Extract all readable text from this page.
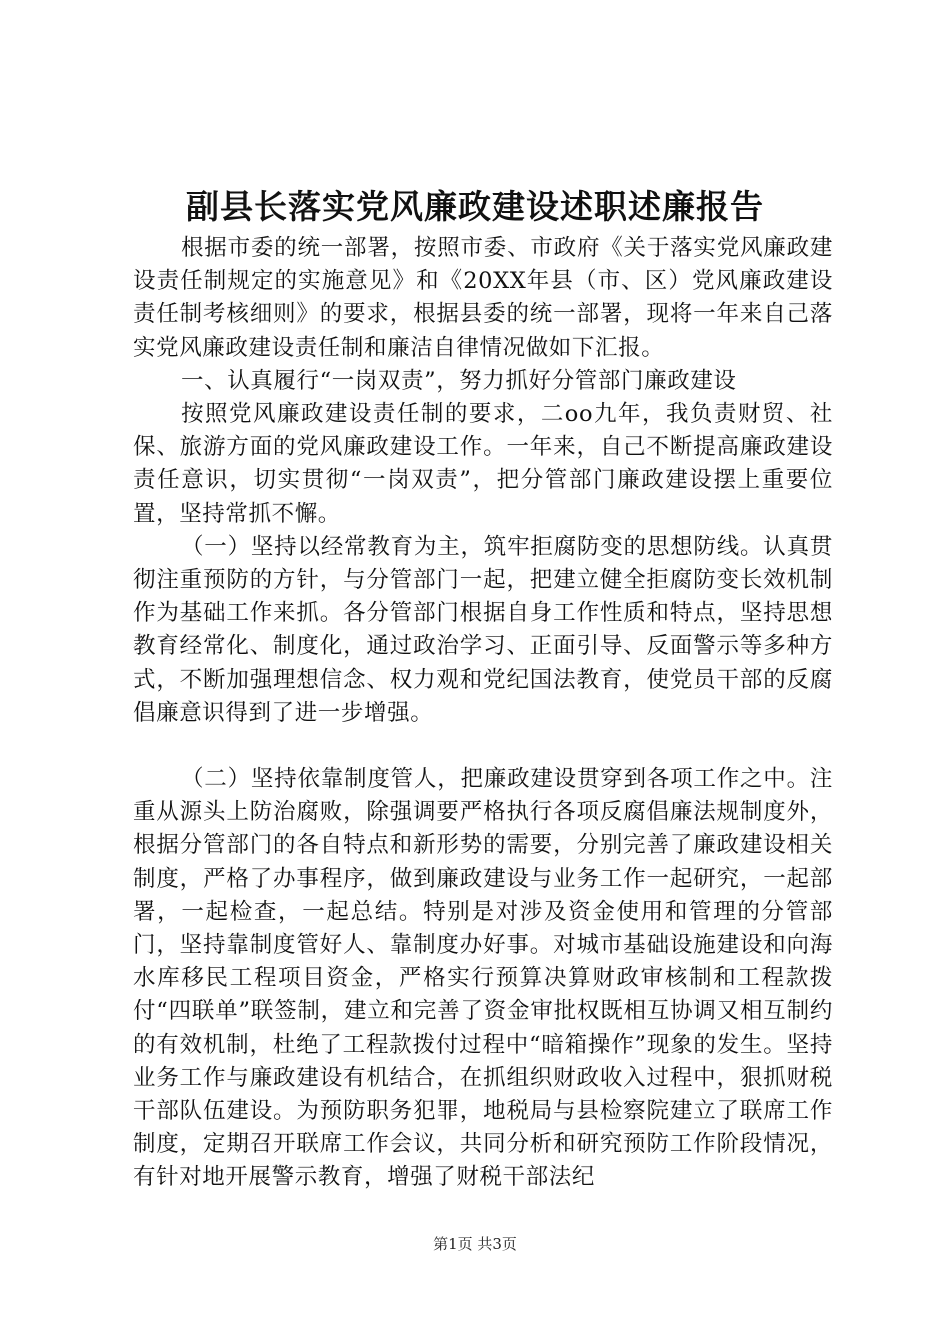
副县长落实党风廉政建设述职述廉报告

根据市委的统一部署，按照市委、市政府《关于落实党风廉政建设责任制规定的实施意见》和《20XX年县（市、区）党风廉政建设责任制考核细则》的要求，根据县委的统一部署，现将一年来自己落实党风廉政建设责任制和廉洁自律情况做如下汇报。

一、认真履行“一岗双责”，努力抓好分管部门廉政建设

按照党风廉政建设责任制的要求，二oo九年，我负责财贸、社保、旅游方面的党风廉政建设工作。一年来，自己不断提高廉政建设责任意识，切实贯彻“一岗双责”，把分管部门廉政建设摆上重要位置，坚持常抓不懈。

（一）坚持以经常教育为主，筑牢拒腐防变的思想防线。认真贯彻注重预防的方针，与分管部门一起，把建立健全拒腐防变长效机制作为基础工作来抓。各分管部门根据自身工作性质和特点，坚持思想教育经常化、制度化，通过政治学习、正面引导、反面警示等多种方式，不断加强理想信念、权力观和党纪国法教育，使党员干部的反腐倡廉意识得到了进一步增强。

（二）坚持依靠制度管人，把廉政建设贯穿到各项工作之中。注重从源头上防治腐败，除强调要严格执行各项反腐倡廉法规制度外，根据分管部门的各自特点和新形势的需要，分别完善了廉政建设相关制度，严格了办事程序，做到廉政建设与业务工作一起研究，一起部署，一起检查，一起总结。特别是对涉及资金使用和管理的分管部门，坚持靠制度管好人、靠制度办好事。对城市基础设施建设和向海水库移民工程项目资金，严格实行预算决算财政审核制和工程款拨付“四联单”联签制，建立和完善了资金审批权既相互协调又相互制约的有效机制，杜绝了工程款拨付过程中“暗箱操作”现象的发生。坚持业务工作与廉政建设有机结合，在抓组织财政收入过程中，狠抓财税干部队伍建设。为预防职务犯罪，地税局与县检察院建立了联席工作制度，定期召开联席工作会议，共同分析和研究预防工作阶段情况，有针对地开展警示教育，增强了财税干部法纪

第1页 共3页
